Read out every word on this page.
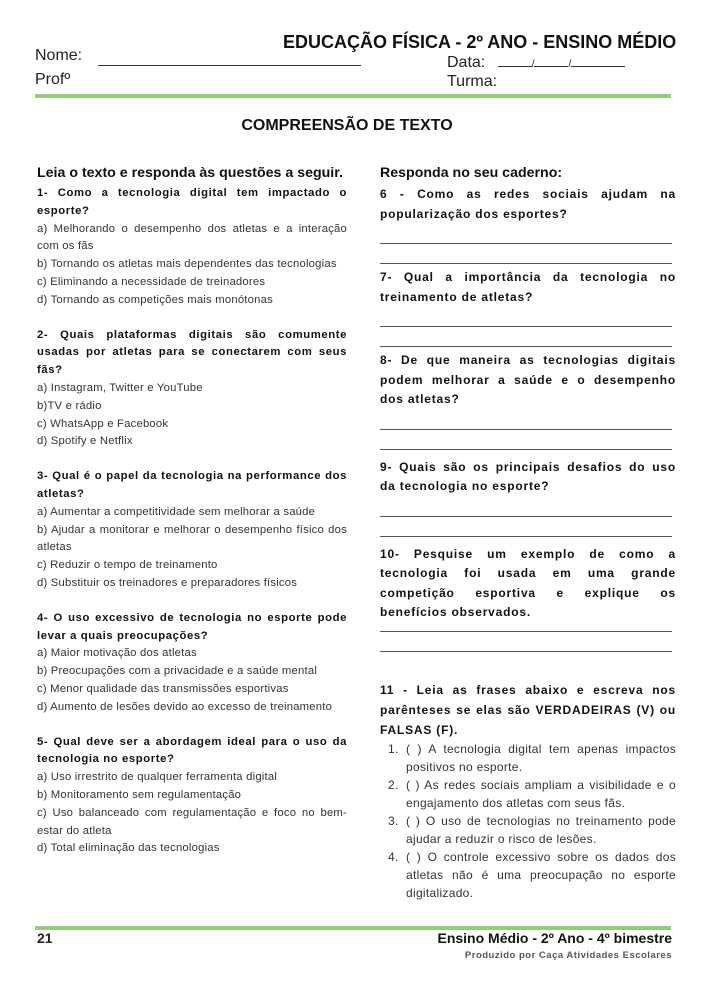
EDUCAÇÃO FÍSICA - 2º ANO - ENSINO MÉDIO
Nome:
Profº
Data:	/	/
Turma:
COMPREENSÃO DE TEXTO
Leia o texto e responda às questões a seguir.
1- Como a tecnologia digital tem impactado o esporte?
a) Melhorando o desempenho dos atletas e a interação com os fãs
b) Tornando os atletas mais dependentes das tecnologias
c) Eliminando a necessidade de treinadores
d) Tornando as competições mais monótonas
2- Quais plataformas digitais são comumente usadas por atletas para se conectarem com seus fãs?
a) Instagram, Twitter e YouTube
b)TV e rádio
c) WhatsApp e Facebook
d) Spotify e Netflix
3- Qual é o papel da tecnologia na performance dos atletas?
a) Aumentar a competitividade sem melhorar a saúde
b) Ajudar a monitorar e melhorar o desempenho físico dos atletas
c) Reduzir o tempo de treinamento
d) Substituir os treinadores e preparadores físicos
4- O uso excessivo de tecnologia no esporte pode levar a quais preocupações?
a) Maior motivação dos atletas
b) Preocupações com a privacidade e a saúde mental
c) Menor qualidade das transmissões esportivas
d) Aumento de lesões devido ao excesso de treinamento
5- Qual deve ser a abordagem ideal para o uso da tecnologia no esporte?
a) Uso irrestrito de qualquer ferramenta digital
b) Monitoramento sem regulamentação
c) Uso balanceado com regulamentação e foco no bem-estar do atleta
d) Total eliminação das tecnologias
Responda no seu caderno:
6 - Como as redes sociais ajudam na popularização dos esportes?
7- Qual a importância da tecnologia no treinamento de atletas?
8- De que maneira as tecnologias digitais podem melhorar a saúde e o desempenho dos atletas?
9- Quais são os principais desafios do uso da tecnologia no esporte?
10- Pesquise um exemplo de como a tecnologia foi usada em uma grande competição esportiva e explique os benefícios observados.
11 - Leia as frases abaixo e escreva nos parênteses se elas são VERDADEIRAS (V) ou FALSAS (F).
1. ( ) A tecnologia digital tem apenas impactos positivos no esporte.
2. ( ) As redes sociais ampliam a visibilidade e o engajamento dos atletas com seus fãs.
3. ( ) O uso de tecnologias no treinamento pode ajudar a reduzir o risco de lesões.
4. ( ) O controle excessivo sobre os dados dos atletas não é uma preocupação no esporte digitalizado.
21	Ensino Médio - 2º Ano - 4º bimestre
Produzido por Caça Atividades Escolares
